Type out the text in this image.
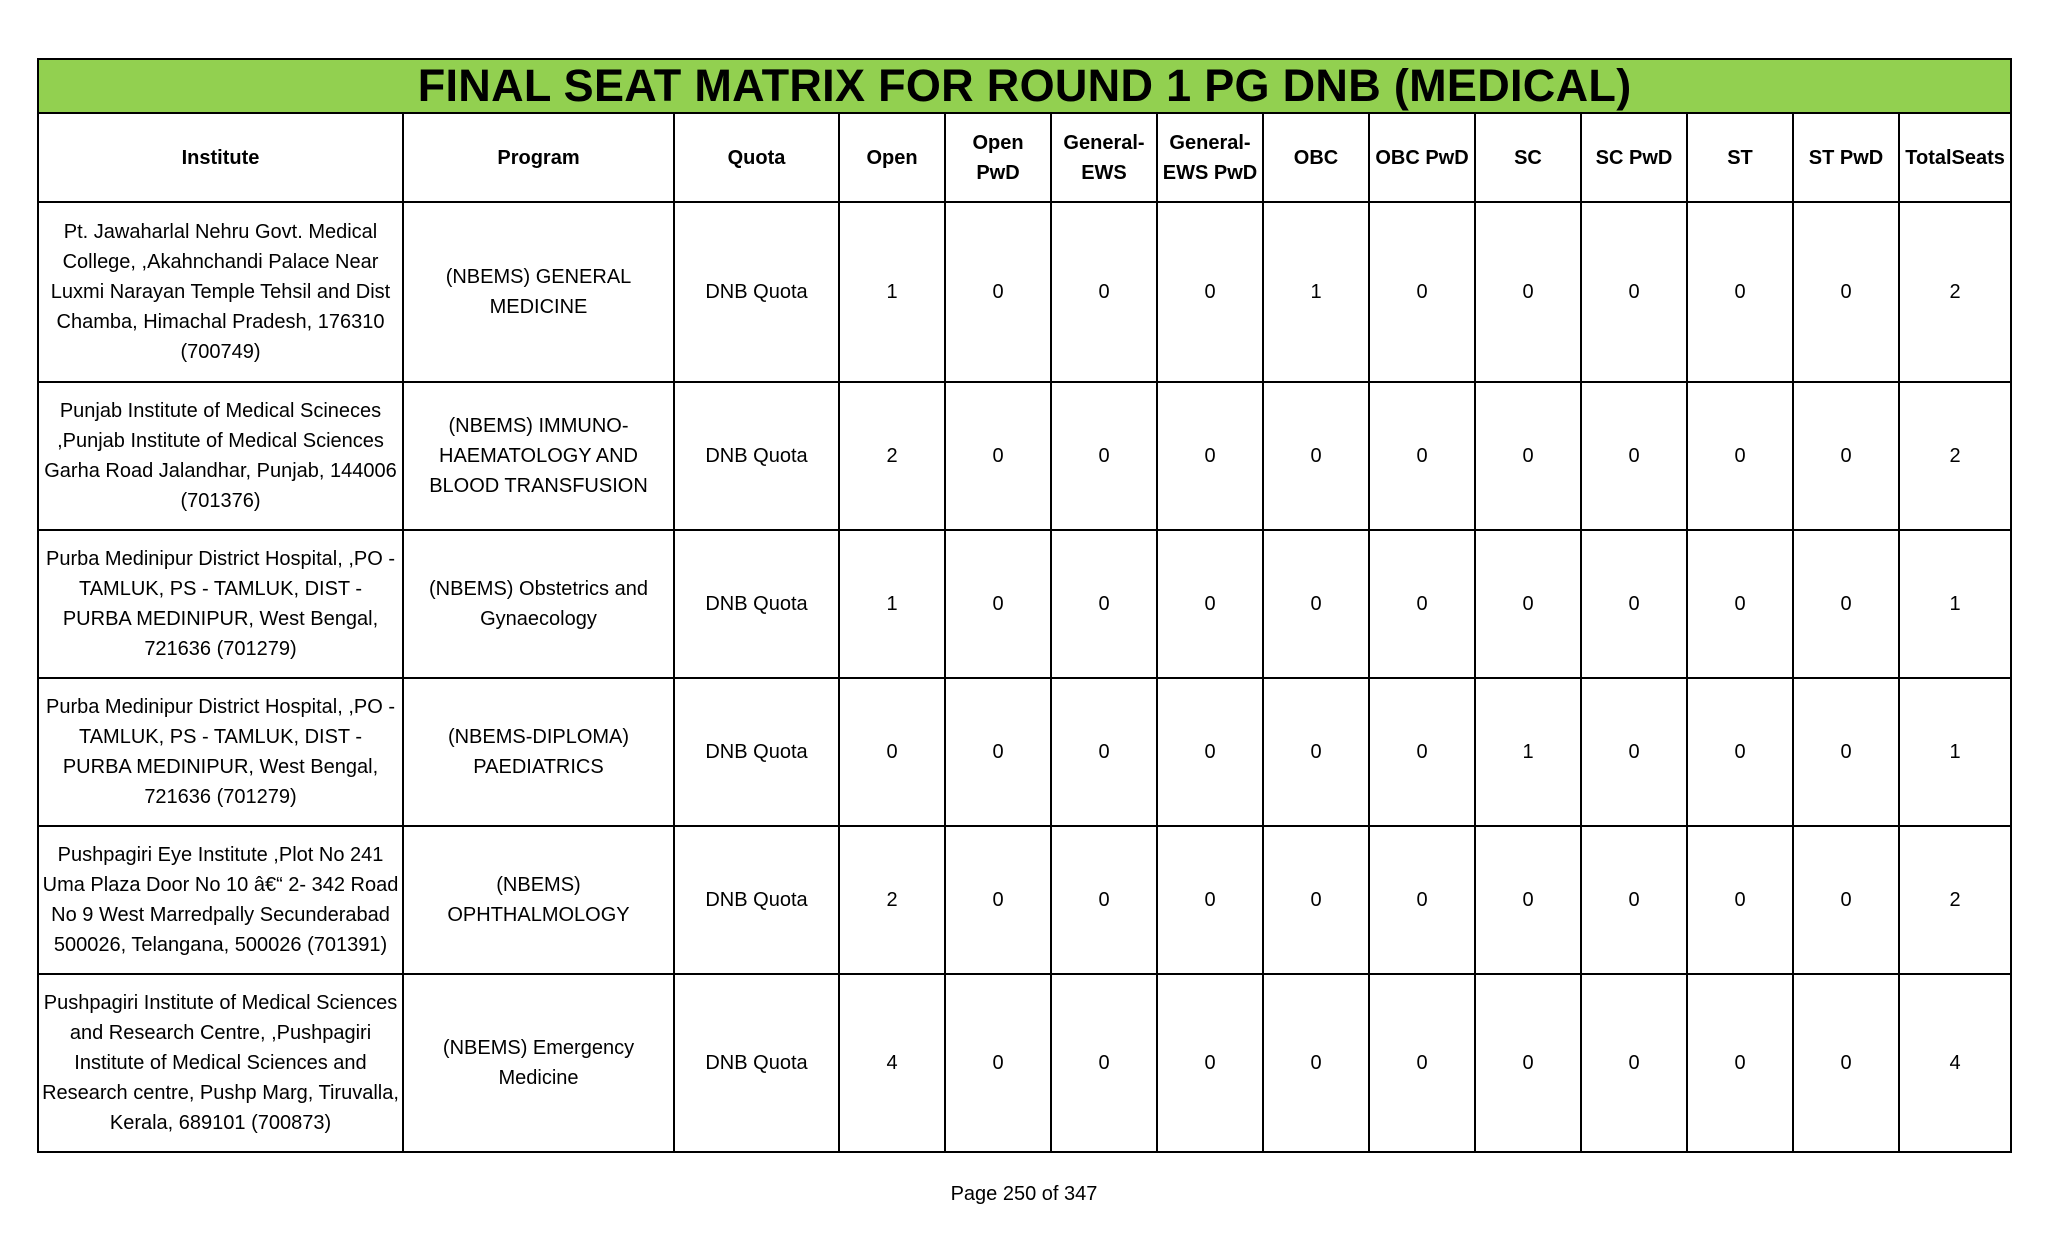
FINAL SEAT MATRIX FOR ROUND 1 PG DNB (MEDICAL)													
Institute	Program	Quota	Open	Open PwD	General-EWS	General-EWS PwD	OBC	OBC PwD	SC	SC PwD	ST	ST PwD	TotalSeats
Pt. Jawaharlal Nehru Govt. Medical College, ,Akahnchandi Palace Near Luxmi Narayan Temple Tehsil and Dist Chamba, Himachal Pradesh, 176310 (700749)	(NBEMS) GENERAL MEDICINE	DNB Quota	1	0	0	0	1	0	0	0	0	0	2
Punjab Institute of Medical Scineces ,Punjab Institute of Medical Sciences Garha Road Jalandhar, Punjab, 144006 (701376)	(NBEMS) IMMUNO-HAEMATOLOGY AND BLOOD TRANSFUSION	DNB Quota	2	0	0	0	0	0	0	0	0	0	2
Purba Medinipur District Hospital, ,PO - TAMLUK, PS - TAMLUK, DIST - PURBA MEDINIPUR, West Bengal, 721636 (701279)	(NBEMS) Obstetrics and Gynaecology	DNB Quota	1	0	0	0	0	0	0	0	0	0	1
Purba Medinipur District Hospital, ,PO - TAMLUK, PS - TAMLUK, DIST - PURBA MEDINIPUR, West Bengal, 721636 (701279)	(NBEMS-DIPLOMA) PAEDIATRICS	DNB Quota	0	0	0	0	0	0	1	0	0	0	1
Pushpagiri Eye Institute ,Plot No 241 Uma Plaza Door No 10 â€“ 2- 342 Road No 9 West Marredpally Secunderabad 500026, Telangana, 500026 (701391)	(NBEMS) OPHTHALMOLOGY	DNB Quota	2	0	0	0	0	0	0	0	0	0	2
Pushpagiri Institute of Medical Sciences and Research Centre, ,Pushpagiri Institute of Medical Sciences and Research centre, Pushp Marg, Tiruvalla, Kerala, 689101 (700873)	(NBEMS) Emergency Medicine	DNB Quota	4	0	0	0	0	0	0	0	0	0	4
Page 250 of 347
